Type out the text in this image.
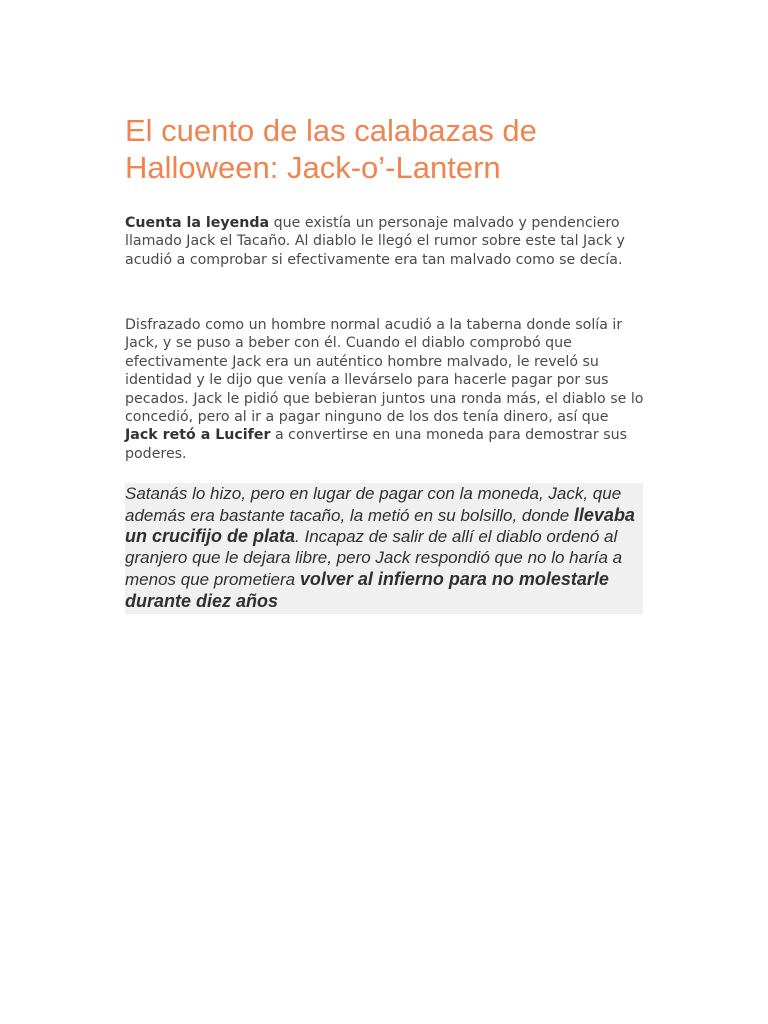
El cuento de las calabazas de Halloween: Jack-o’-Lantern

Cuenta la leyenda que existía un personaje malvado y pendenciero llamado Jack el Tacaño. Al diablo le llegó el rumor sobre este tal Jack y acudió a comprobar si efectivamente era tan malvado como se decía.

Disfrazado como un hombre normal acudió a la taberna donde solía ir Jack, y se puso a beber con él. Cuando el diablo comprobó que efectivamente Jack era un auténtico hombre malvado, le reveló su identidad y le dijo que venía a llevárselo para hacerle pagar por sus pecados. Jack le pidió que bebieran juntos una ronda más, el diablo se lo concedió, pero al ir a pagar ninguno de los dos tenía dinero, así que Jack retó a Lucifer a convertirse en una moneda para demostrar sus poderes.

Satanás lo hizo, pero en lugar de pagar con la moneda, Jack, que además era bastante tacaño, la metió en su bolsillo, donde llevaba un crucifijo de plata. Incapaz de salir de allí el diablo ordenó al granjero que le dejara libre, pero Jack respondió que no lo haría a menos que prometiera volver al infierno para no molestarle durante diez años
